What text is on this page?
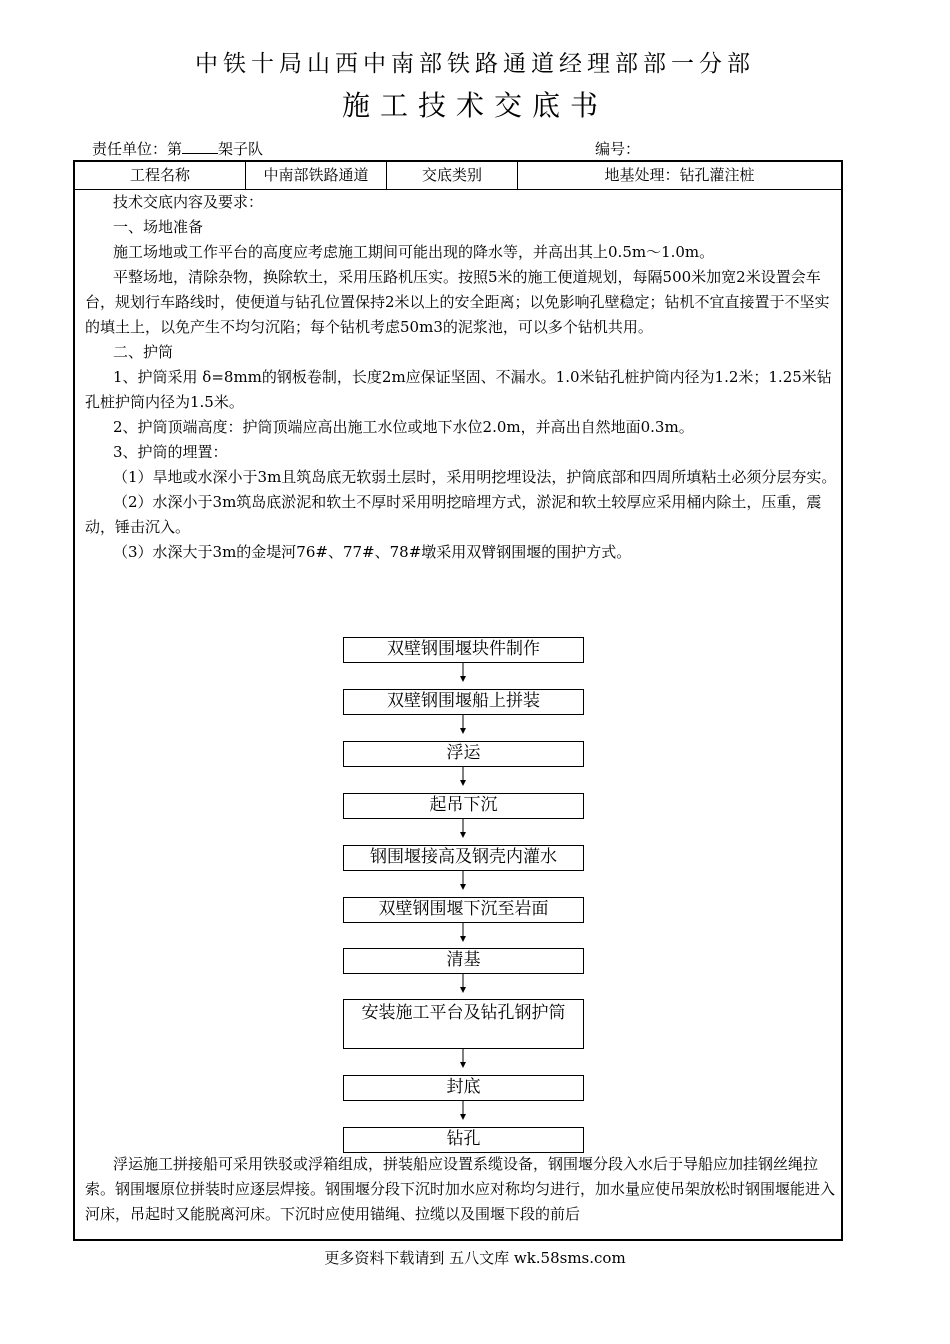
中铁十局山西中南部铁路通道经理部部一分部
施工技术交底书
责任单位：第 架子队	编号：
工程名称	中南部铁路通道	交底类别	地基处理：钻孔灌注桩

技术交底内容及要求：

一、场地准备

施工场地或工作平台的高度应考虑施工期间可能出现的降水等，并高出其上0.5m～1.0m。

平整场地，清除杂物，换除软土，采用压路机压实。按照5米的施工便道规划，每隔500米加宽2米设置会车台，规划行车路线时，使便道与钻孔位置保持2米以上的安全距离；以免影响孔壁稳定；钻机不宜直接置于不坚实的填土上，以免产生不均匀沉陷；每个钻机考虑50m3的泥浆池，可以多个钻机共用。

二、护筒

1、护筒采用 δ=8mm的钢板卷制，长度2m应保证坚固、不漏水。1.0米钻孔桩护筒内径为1.2米；1.25米钻孔桩护筒内径为1.5米。

2、护筒顶端高度：护筒顶端应高出施工水位或地下水位2.0m，并高出自然地面0.3m。

3、护筒的埋置：

（1）旱地或水深小于3m且筑岛底无软弱土层时，采用明挖埋设法，护筒底部和四周所填粘土必须分层夯实。

（2）水深小于3m筑岛底淤泥和软土不厚时采用明挖暗埋方式，淤泥和软土较厚应采用桶内除土，压重，震动，锤击沉入。

（3）水深大于3m的金堤河76#、77#、78#墩采用双臂钢围堰的围护方式。

双壁钢围堰块件制作
双壁钢围堰船上拼装
浮运
起吊下沉
钢围堰接高及钢壳内灌水
双壁钢围堰下沉至岩面
清基
安装施工平台及钻孔钢护筒
封底
钻孔

浮运施工拼接船可采用铁驳或浮箱组成，拼装船应设置系缆设备，钢围堰分段入水后于导船应加挂钢丝绳拉索。钢围堰原位拼装时应逐层焊接。钢围堰分段下沉时加水应对称均匀进行，加水量应使吊架放松时钢围堰能进入河床，吊起时又能脱离河床。下沉时应使用锚绳、拉缆以及围堰下段的前后

更多资料下载请到 五八文库 wk.58sms.com
